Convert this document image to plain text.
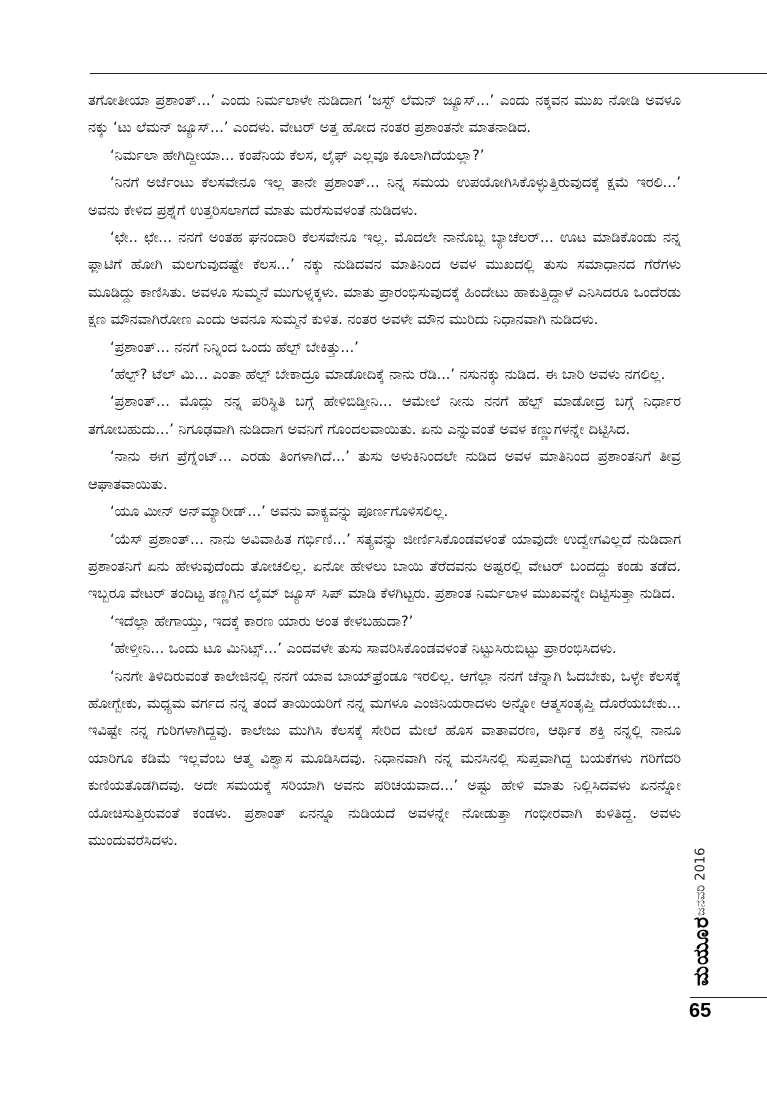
ತಗೋತೀಯಾ ಪ್ರಶಾಂತ್...’ ಎಂದು ನಿರ್ಮಲಾಳೇ ನುಡಿದಾಗ ‘ಜಸ್ಟ್ ಲೆಮನ್ ಜ್ಯೂಸ್...’ ಎಂದು ನಕ್ಕವನ ಮುಖ ನೋಡಿ ಅವಳೂ ನಕ್ಕು ‘ಟು ಲೆಮನ್ ಜ್ಯೂಸ್...’ ಎಂದಳು. ವೇಟರ್ ಅತ್ತ ಹೋದ ನಂತರ ಪ್ರಶಾಂತನೇ ಮಾತನಾಡಿದ.

‘ನಿರ್ಮಲಾ ಹೇಗಿದ್ದೀಯಾ... ಕಂಪೆನಿಯ ಕೆಲಸ, ಲೈಫ್ ಎಲ್ಲವೂ ಕೂಲಾಗಿದೆಯಲ್ಲಾ?’

‘ನಿನಗೆ ಅರ್ಜೆಂಟು ಕೆಲಸವೇನೂ ಇಲ್ಲ ತಾನೇ ಪ್ರಶಾಂತ್... ನಿನ್ನ ಸಮಯ ಉಪಯೋಗಿಸಿಕೊಳ್ಳುತ್ತಿರುವುದಕ್ಕೆ ಕ್ಷಮೆ ಇರಲಿ...’ ಅವನು ಕೇಳಿದ ಪ್ರಶ್ನೆಗೆ ಉತ್ತರಿಸಲಾಗದೆ ಮಾತು ಮರೆಸುವಳಂತೆ ನುಡಿದಳು.

‘ಛೇ.. ಛೇ... ನನಗೆ ಅಂತಹ ಘನಂದಾರಿ ಕೆಲಸವೇನೂ ಇಲ್ಲ. ಮೊದಲೇ ನಾನೊಬ್ಬ ಬ್ಯಾಚೆಲರ್... ಊಟ ಮಾಡಿಕೊಂಡು ನನ್ನ ಫ್ಲಾಟಿಗೆ ಹೋಗಿ ಮಲಗುವುದಷ್ಟೇ ಕೆಲಸ...’ ನಕ್ಕು ನುಡಿದವನ ಮಾತಿನಿಂದ ಅವಳ ಮುಖದಲ್ಲಿ ತುಸು ಸಮಾಧಾನದ ಗೆರೆಗಳು ಮೂಡಿದ್ದು ಕಾಣಿಸಿತು. ಅವಳೂ ಸುಮ್ಮನೆ ಮುಗುಳ್ನಕ್ಕಳು. ಮಾತು ಪ್ರಾರಂಭಿಸುವುದಕ್ಕೆ ಹಿಂದೇಟು ಹಾಕುತ್ತಿದ್ದಾಳೆ ಎನಿಸಿದರೂ ಒಂದೆರಡು ಕ್ಷಣ ಮೌನವಾಗಿರೋಣ ಎಂದು ಅವನೂ ಸುಮ್ಮನೆ ಕುಳಿತ. ನಂತರ ಅವಳೇ ಮೌನ ಮುರಿದು ನಿಧಾನವಾಗಿ ನುಡಿದಳು.

‘ಪ್ರಶಾಂತ್... ನನಗೆ ನಿನ್ನಿಂದ ಒಂದು ಹೆಲ್ಪ್ ಬೇಕಿತ್ತು...’

‘ಹೆಲ್ಪ್? ಟೆಲ್ ಮಿ... ಎಂತಾ ಹೆಲ್ಪ್ ಬೇಕಾದ್ರೂ ಮಾಡೋದಿಕ್ಕೆ ನಾನು ರೆಡಿ...’ ನಸುನಕ್ಕು ನುಡಿದ. ಈ ಬಾರಿ ಅವಳು ನಗಲಿಲ್ಲ.

‘ಪ್ರಶಾಂತ್... ಮೊದ್ಲು ನನ್ನ ಪರಿಸ್ಥಿತಿ ಬಗ್ಗೆ ಹೇಳಿಬಿಡ್ತೀನಿ... ಆಮೇಲೆ ನೀನು ನನಗೆ ಹೆಲ್ಪ್ ಮಾಡೋದ್ರ ಬಗ್ಗೆ ನಿರ್ಧಾರ ತಗೋಬಹುದು...’ ನಿಗೂಢವಾಗಿ ನುಡಿದಾಗ ಅವನಿಗೆ ಗೊಂದಲವಾಯಿತು. ಏನು ಎನ್ನುವಂತೆ ಅವಳ ಕಣ್ಣುಗಳನ್ನೇ ದಿಟ್ಟಿಸಿದ.

‘ನಾನು ಈಗ ಪ್ರೆಗ್ನೆಂಟ್... ಎರಡು ತಿಂಗಳಾಗಿದೆ...’ ತುಸು ಅಳುಕಿನಿಂದಲೇ ನುಡಿದ ಅವಳ ಮಾತಿನಿಂದ ಪ್ರಶಾಂತನಿಗೆ ತೀವ್ರ ಆಘಾತವಾಯಿತು.

‘ಯೂ ಮೀನ್ ಅನ್‌ಮ್ಯಾರೀಡ್...’ ಅವನು ವಾಕ್ಯವನ್ನು ಪೂರ್ಣಗೊಳಿಸಲಿಲ್ಲ.

‘ಯೆಸ್ ಪ್ರಶಾಂತ್... ನಾನು ಅವಿವಾಹಿತ ಗರ್ಭಿಣಿ...’ ಸತ್ಯವನ್ನು ಜೀರ್ಣಿಸಿಕೊಂಡವಳಂತೆ ಯಾವುದೇ ಉದ್ವೇಗವಿಲ್ಲದೆ ನುಡಿದಾಗ ಪ್ರಶಾಂತನಿಗೆ ಏನು ಹೇಳುವುದೆಂದು ತೋಚಲಿಲ್ಲ. ಏನೋ ಹೇಳಲು ಬಾಯಿ ತೆರೆದವನು ಅಷ್ಟರಲ್ಲಿ ವೇಟರ್ ಬಂದದ್ದು ಕಂಡು ತಡೆದ. ಇಬ್ಬರೂ ವೇಟರ್ ತಂದಿಟ್ಟ ತಣ್ಣಗಿನ ಲೈಮ್ ಜ್ಯೂಸ್ ಸಿಪ್ ಮಾಡಿ ಕೆಳಗಿಟ್ಟರು. ಪ್ರಶಾಂತ ನಿರ್ಮಲಾಳ ಮುಖವನ್ನೇ ದಿಟ್ಟಿಸುತ್ತಾ ನುಡಿದ.

‘ಇದೆಲ್ಲಾ ಹೇಗಾಯ್ತು, ಇದಕ್ಕೆ ಕಾರಣ ಯಾರು ಅಂತ ಕೇಳಬಹುದಾ?’

‘ಹೇಳ್ತೀನಿ... ಒಂದು ಟೂ ಮಿನಿಟ್ಸ್...’ ಎಂದವಳೇ ತುಸು ಸಾವರಿಸಿಕೊಂಡವಳಂತೆ ನಿಟ್ಟುಸಿರುಬಿಟ್ಟು ಪ್ರಾರಂಭಿಸಿದಳು.

‘ನಿನಗೇ ತಿಳಿದಿರುವಂತೆ ಕಾಲೇಜಿನಲ್ಲಿ ನನಗೆ ಯಾವ ಬಾಯ್‌ಫ್ರೆಂಡೂ ಇರಲಿಲ್ಲ. ಆಗೆಲ್ಲಾ ನನಗೆ ಚೆನ್ನಾಗಿ ಓದಬೇಕು, ಒಳ್ಳೇ ಕೆಲಸಕ್ಕೆ ಹೋಗ್ಬೇಕು, ಮಧ್ಯಮ ವರ್ಗದ ನನ್ನ ತಂದೆ ತಾಯಿಯರಿಗೆ ನನ್ನ ಮಗಳೂ ಎಂಜಿನಿಯರಾದಳು ಅನ್ನೋ ಆತ್ಮಸಂತೃಪ್ತಿ ದೊರೆಯಬೇಕು... ಇವಿಷ್ಟೇ ನನ್ನ ಗುರಿಗಳಾಗಿದ್ದವು. ಕಾಲೇಜು ಮುಗಿಸಿ ಕೆಲಸಕ್ಕೆ ಸೇರಿದ ಮೇಲೆ ಹೊಸ ವಾತಾವರಣ, ಆರ್ಥಿಕ ಶಕ್ತಿ ನನ್ನಲ್ಲಿ ನಾನೂ ಯಾರಿಗೂ ಕಡಿಮೆ ಇಲ್ಲವೆಂಬ ಆತ್ಮ ವಿಶ್ವಾಸ ಮೂಡಿಸಿದವು. ನಿಧಾನವಾಗಿ ನನ್ನ ಮನಸಿನಲ್ಲಿ ಸುಪ್ತವಾಗಿದ್ದ ಬಯಕೆಗಳು ಗರಿಗೆದರಿ ಕುಣಿಯತೊಡಗಿದವು. ಅದೇ ಸಮಯಕ್ಕೆ ಸರಿಯಾಗಿ ಅವನು ಪರಿಚಯವಾದ...’ ಅಷ್ಟು ಹೇಳಿ ಮಾತು ನಿಲ್ಲಿಸಿದವಳು ಏನನ್ನೋ ಯೋಚಿಸುತ್ತಿರುವಂತೆ ಕಂಡಳು. ಪ್ರಶಾಂತ್ ಏನನ್ನೂ ನುಡಿಯದೆ ಅವಳನ್ನೇ ನೋಡುತ್ತಾ ಗಂಭೀರವಾಗಿ ಕುಳಿತಿದ್ದ. ಅವಳು ಮುಂದುವರೆಸಿದಳು.

ಮಯೂರ
ಜನವರಿ 2016
65
